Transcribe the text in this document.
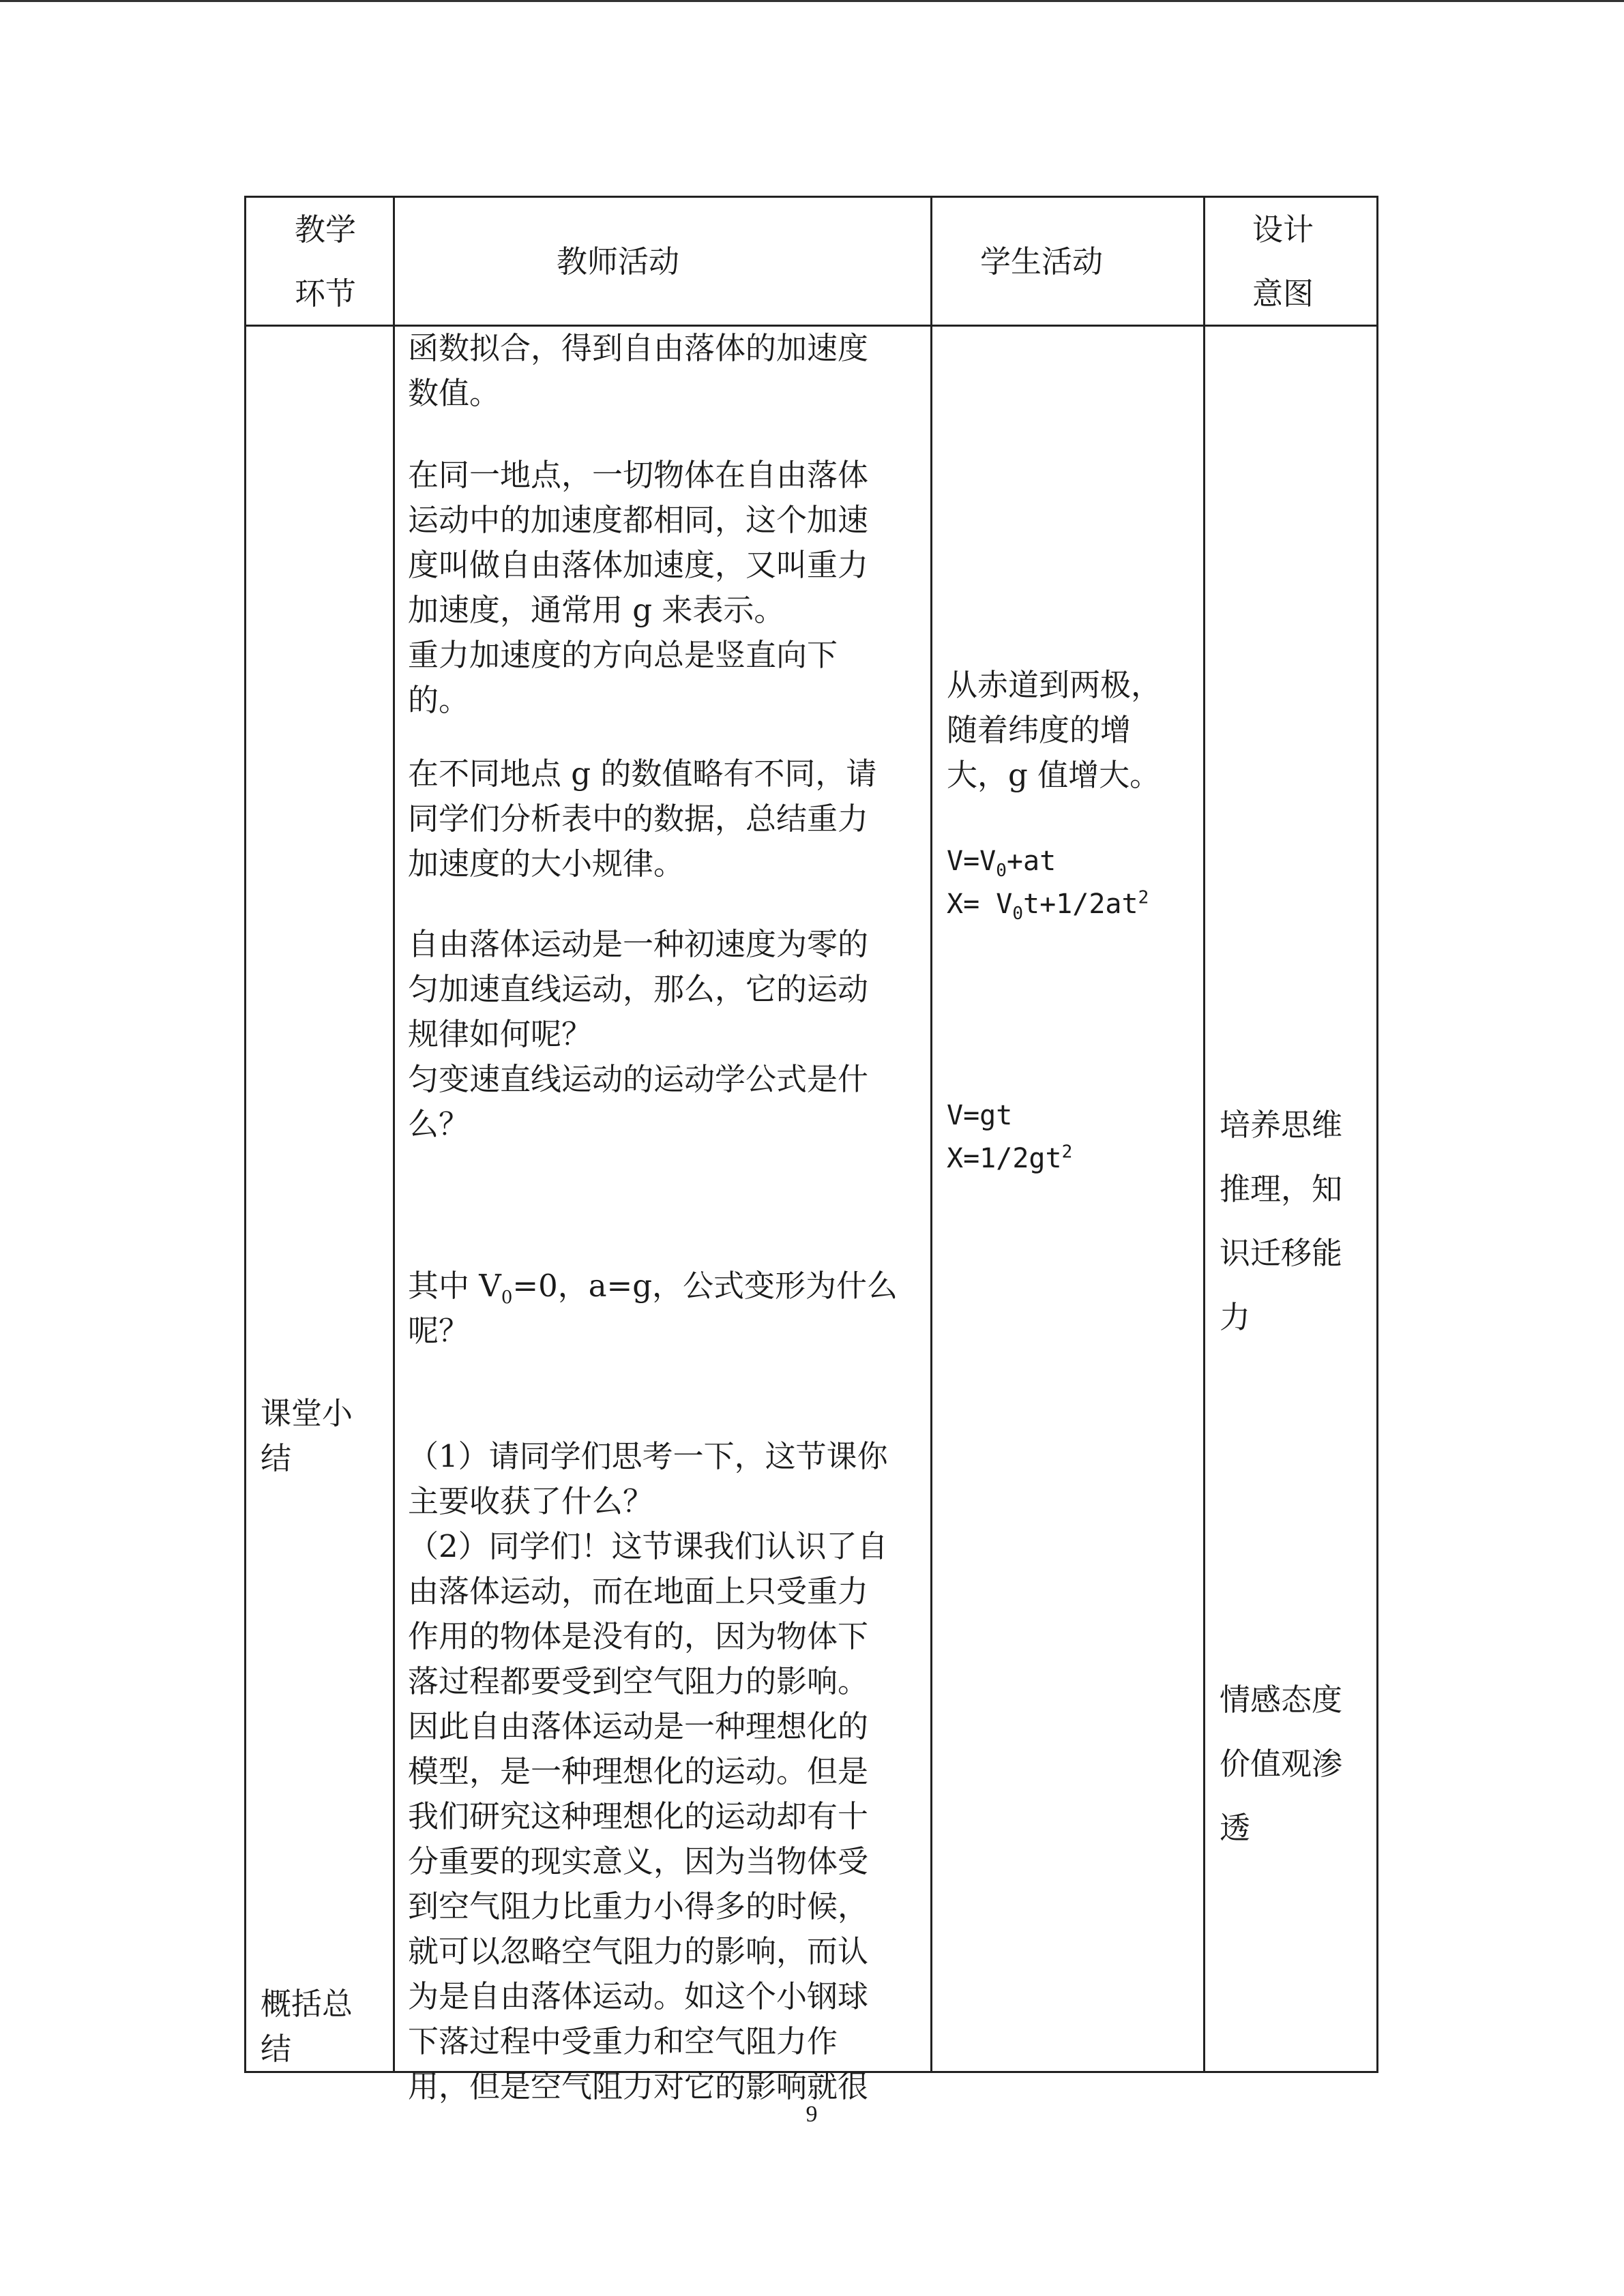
教学
环节
教师活动	学生活动
设计
意图
课堂小
结
概括总
结
函数拟合，得到自由落体的加速度
数值。
在同一地点，一切物体在自由落体
运动中的加速度都相同，这个加速
度叫做自由落体加速度，又叫重力
加速度，通常用 g 来表示。
重力加速度的方向总是竖直向下
的。
在不同地点 g 的数值略有不同，请
同学们分析表中的数据，总结重力
加速度的大小规律。
自由落体运动是一种初速度为零的
匀加速直线运动，那么，它的运动
规律如何呢？
匀变速直线运动的运动学公式是什
么？
其中 $V_0=0$，a=g，公式变形为什么
呢？
（1）请同学们思考一下，这节课你
主要收获了什么？
（2）同学们！这节课我们认识了自
由落体运动，而在地面上只受重力
作用的物体是没有的，因为物体下
落过程都要受到空气阻力的影响。
因此自由落体运动是一种理想化的
模型，是一种理想化的运动。但是
我们研究这种理想化的运动却有十
分重要的现实意义，因为当物体受
到空气阻力比重力小得多的时候，
就可以忽略空气阻力的影响，而认
为是自由落体运动。如这个小钢球
下落过程中受重力和空气阻力作
用，但是空气阻力对它的影响就很
从赤道到两极，
随着纬度的增
大，g 值增大。
$V=V_0+at$
$X= V_0t+1/2at^2$
V=gt
$X=1/2gt^2$
培养思维
推理，知
识迁移能
力
情感态度
价值观渗
透
9
